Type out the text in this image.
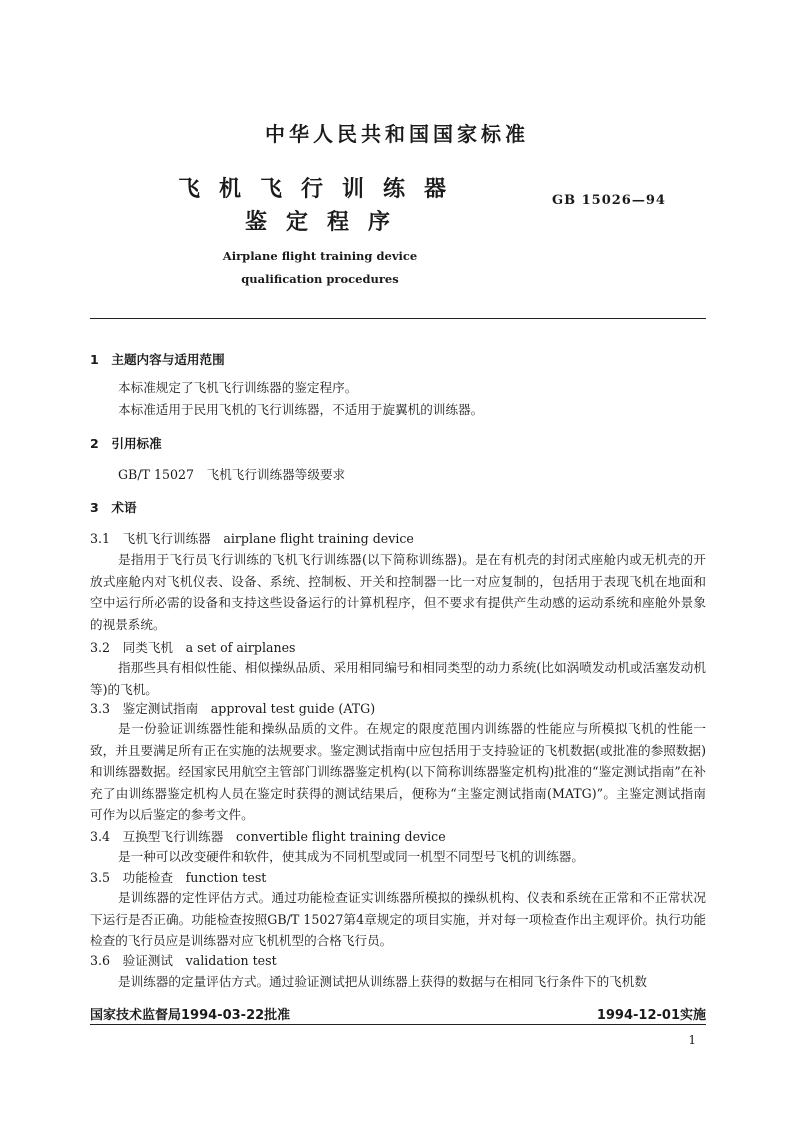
中华人民共和国国家标准
飞机飞行训练器
鉴定程序
GB 15026—94
Airplane flight training device
qualification procedures
1　主题内容与适用范围
本标准规定了飞机飞行训练器的鉴定程序。
本标准适用于民用飞机的飞行训练器，不适用于旋翼机的训练器。
2　引用标准
GB/T 15027　飞机飞行训练器等级要求
3　术语
3.1　飞机飞行训练器　airplane flight training device

是指用于飞行员飞行训练的飞机飞行训练器(以下简称训练器)。是在有机壳的封闭式座舱内或无机壳的开放式座舱内对飞机仪表、设备、系统、控制板、开关和控制器一比一对应复制的，包括用于表现飞机在地面和空中运行所必需的设备和支持这些设备运行的计算机程序，但不要求有提供产生动感的运动系统和座舱外景象的视景系统。

3.2　同类飞机　a set of airplanes

指那些具有相似性能、相似操纵品质、采用相同编号和相同类型的动力系统(比如涡喷发动机或活塞发动机等)的飞机。

3.3　鉴定测试指南　approval test guide (ATG)

是一份验证训练器性能和操纵品质的文件。在规定的限度范围内训练器的性能应与所模拟飞机的性能一致，并且要满足所有正在实施的法规要求。鉴定测试指南中应包括用于支持验证的飞机数据(或批准的参照数据)和训练器数据。经国家民用航空主管部门训练器鉴定机构(以下简称训练器鉴定机构)批准的“鉴定测试指南”在补充了由训练器鉴定机构人员在鉴定时获得的测试结果后，便称为“主鉴定测试指南(MATG)”。主鉴定测试指南可作为以后鉴定的参考文件。

3.4　互换型飞行训练器　convertible flight training device

是一种可以改变硬件和软件，使其成为不同机型或同一机型不同型号飞机的训练器。

3.5　功能检查　function test

是训练器的定性评估方式。通过功能检查证实训练器所模拟的操纵机构、仪表和系统在正常和不正常状况下运行是否正确。功能检查按照GB/T 15027第4章规定的项目实施，并对每一项检查作出主观评价。执行功能检查的飞行员应是训练器对应飞机机型的合格飞行员。

国家技术监督局1994-03-22批准	1994-12-01实施
1
3.6　验证测试　validation test
是训练器的定量评估方式。通过验证测试把从训练器上获得的数据与在相同飞行条件下的飞机数
